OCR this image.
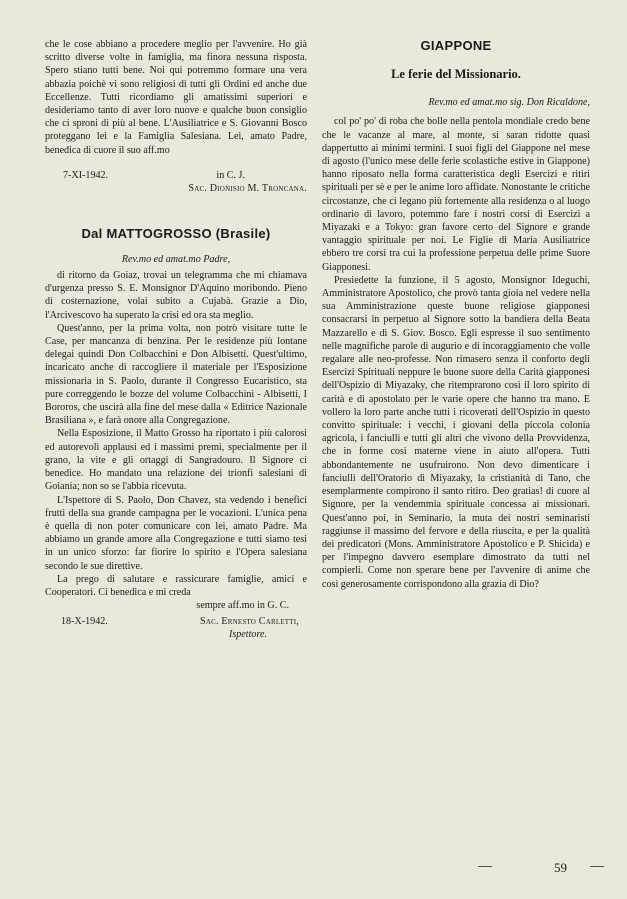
che le cose abbiano a procedere meglio per l'avvenire. Ho già scritto diverse volte in famiglia, ma finora nessuna risposta. Spero stiano tutti bene. Noi qui potremmo formare una vera abbazia poichè vi sono religiosi di tutti gli Ordini ed anche due Eccellenze. Tutti ricordiamo gli amatissimi superiori e desideriamo tanto di aver loro nuove e qualche buon consiglio che ci sproni di più al bene. L'Ausiliatrice e S. Giovanni Bosco proteggano lei e la Famiglia Salesiana. Lei, amato Padre, benedica di cuore il suo aff.mo

7-XI-1942.	in C. J.
Sac. Dionisio M. Troncana.
Dal MATTOGROSSO (Brasile)
Rev.mo ed amat.mo Padre,

di ritorno da Goiaz, trovai un telegramma che mi chiamava d'urgenza presso S. E. Monsignor D'Aquino moribondo. Pieno di costernazione, volai subito a Cujabà. Grazie a Dio, l'Arcivescovo ha superato la crisi ed ora sta meglio.

Quest'anno, per la prima volta, non potrò visitare tutte le Case, per mancanza di benzina. Per le residenze più lontane delegai quindi Don Colbacchini e Don Albisetti. Quest'ultimo, incaricato anche di raccogliere il materiale per l'Esposizione missionaria in S. Paolo, durante il Congresso Eucaristico, sta pure correggendo le bozze del volume Colbacchini - Albisetti, I Bororos, che uscirà alla fine del mese dalla « Editrice Nazionale Brasiliana », e farà onore alla Congregazione.

Nella Esposizione, il Matto Grosso ha riportato i più calorosi ed autorevoli applausi ed i massimi premi, specialmente per il grano, la vite e gli ortaggi di Sangradouro. Il Signore ci benedice. Ho mandato una relazione dei trionfi salesiani di Goiania; non so se l'abbia ricevuta.

L'Ispettore di S. Paolo, Don Chavez, sta vedendo i benefici frutti della sua grande campagna per le vocazioni. L'unica pena è quella di non poter comunicare con lei, amato Padre. Ma abbiamo un grande amore alla Congregazione e tutti siamo tesi in un unico sforzo: far fiorire lo spirito e l'Opera salesiana secondo le sue direttive.

La prego di salutare e rassicurare famiglie, amici e Cooperatori. Ci benedica e mi creda

sempre aff.mo in G. C.
18-X-1942.	Sac. Ernesto Carletti,
Ispettore.
GIAPPONE
Le ferie del Missionario.
Rev.mo ed amat.mo sig. Don Ricaldone,

col po' po' di roba che bolle nella pentola mondiale credo bene che le vacanze al mare, al monte, si saran ridotte quasi dappertutto ai minimi termini. I suoi figli del Giappone nel mese di agosto (l'unico mese delle ferie scolastiche estive in Giappone) hanno riposato nella forma caratteristica degli Esercizi e ritiri spirituali per sè e per le anime loro affidate. Nonostante le critiche circostanze, che ci legano più fortemente alla residenza o al luogo ordinario di lavoro, potemmo fare i nostri corsi di Esercizi a Miyazaki e a Tokyo: gran favore certo del Signore e grande vantaggio spirituale per noi. Le Figlie di Maria Ausiliatrice ebbero tre corsi tra cui la professione perpetua delle prime Suore Giapponesi.

Presiedette la funzione, il 5 agosto, Monsignor Ideguchi, Amministratore Apostolico, che provò tanta gioia nel vedere nella sua Amministrazione queste buone religiose giapponesi consacrarsi in perpetuo al Signore sotto la bandiera della Beata Mazzarello e di S. Giov. Bosco. Egli espresse il suo sentimento nelle magnifiche parole di augurio e di incoraggiamento che volle regalare alle neo-professe. Non rimasero senza il conforto degli Esercizi Spirituali neppure le buone suore della Carità giapponesi dell'Ospizio di Miyazaky, che ritemprarono così il loro spirito di carità e di apostolato per le varie opere che hanno tra mano. E vollero la loro parte anche tutti i ricoverati dell'Ospizio in questo convitto spirituale: i vecchi, i giovani della piccola colonia agricola, i fanciulli e tutti gli altri che vivono della Provvidenza, che in forme così materne viene in aiuto all'opera. Tutti abbondantemente ne usufruirono. Non devo dimenticare i fanciulli dell'Oratorio di Miyazaky, la cristianità di Tano, che esemplarmente compirono il santo ritiro. Deo gratias! di cuore al Signore, per la vendemmia spirituale concessa ai missionari. Quest'anno poi, in Seminario, la muta dei nostri seminaristi raggiunse il massimo del fervore e della riuscita, e per la qualità dei predicatori (Mons. Amministratore Apostolico e P. Shicida) e per l'impegno davvero esemplare dimostrato da tutti nel compierli. Come non sperare bene per l'avvenire di anime che così generosamente corrispondono alla grazia di Dio?

59
